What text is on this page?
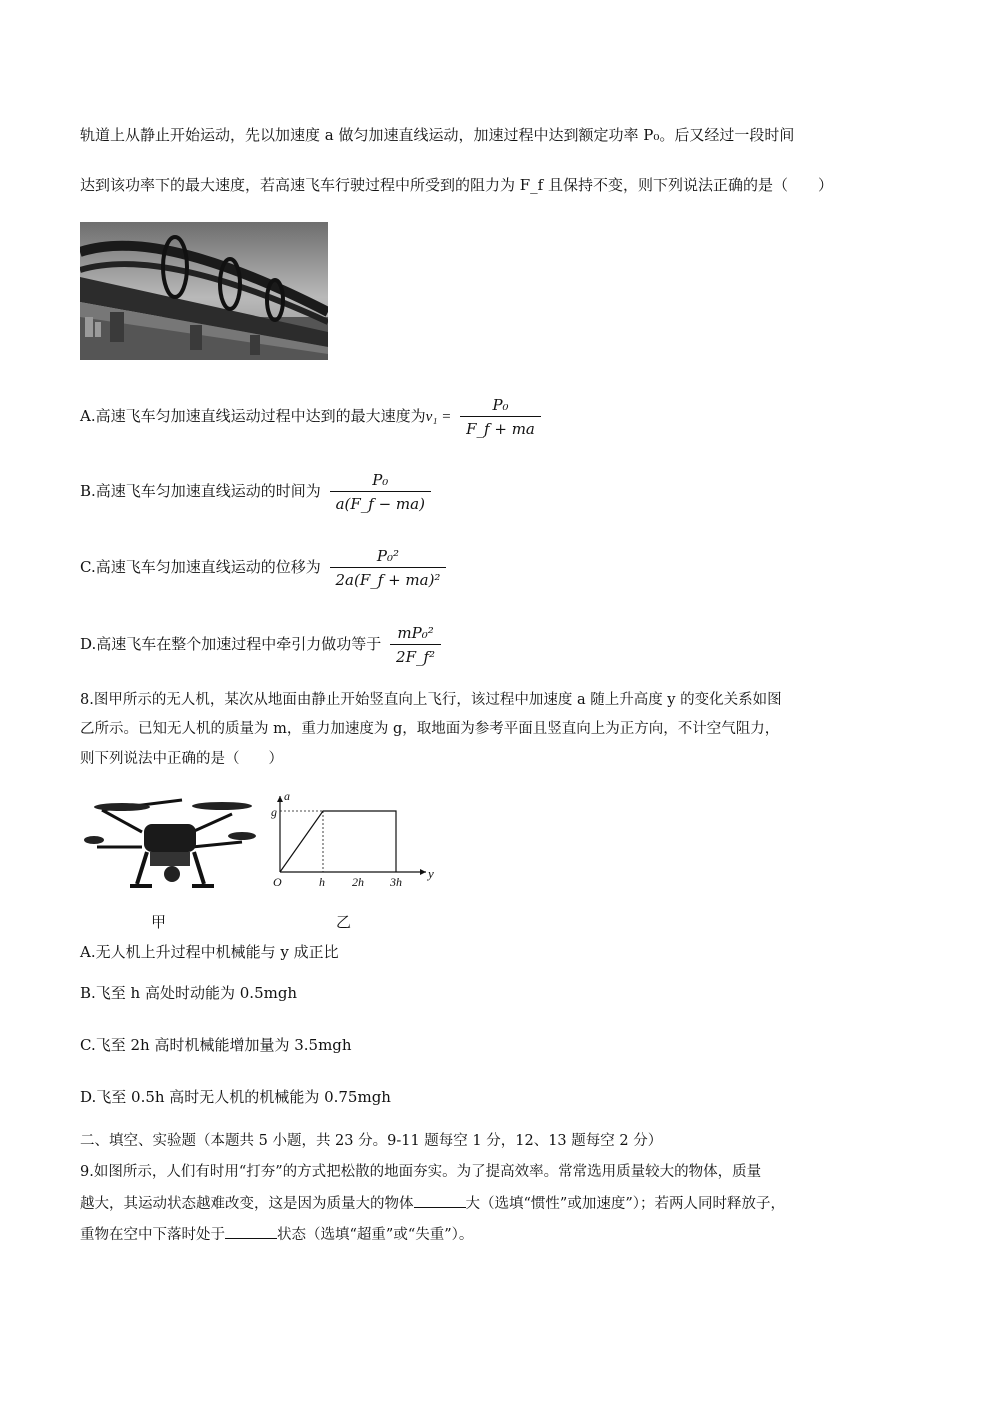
轨道上从静止开始运动，先以加速度 a 做匀加速直线运动，加速过程中达到额定功率 P₀。后又经过一段时间
达到该功率下的最大速度，若高速飞车行驶过程中所受到的阻力为 F_f 且保持不变，则下列说法正确的是（　　）
A.高速飞车匀加速直线运动过程中达到的最大速度为$v_1 = \frac{\text{P₀}}{F\_f + ma}$
B.高速飞车匀加速直线运动的时间为 $\frac{\text{P₀}}{a(F\_f - ma)}$
C.高速飞车匀加速直线运动的位移为 $\frac{\text{P₀²}}{\text{2a(F\_f + ma)²}}$
D.高速飞车在整个加速过程中牵引力做功等于 $\frac{\text{mP₀²}}{\text{2F\_f²}}$
8.图甲所示的无人机，某次从地面由静止开始竖直向上飞行，该过程中加速度 a 随上升高度 y 的变化关系如图
乙所示。已知无人机的质量为 m，重力加速度为 g，取地面为参考平面且竖直向上为正方向，不计空气阻力，
则下列说法中正确的是（　　）
a
g
O	h 2h 3h
y
甲	乙
A.无人机上升过程中机械能与 y 成正比
B.飞至 h 高处时动能为 0.5mgh
C.飞至 2h 高时机械能增加量为 3.5mgh
D.飞至 0.5h 高时无人机的机械能为 0.75mgh
二、填空、实验题（本题共 5 小题，共 23 分。9-11 题每空 1 分，12、13 题每空 2 分）
9.如图所示，人们有时用“打夯”的方式把松散的地面夯实。为了提高效率。常常选用质量较大的物体，质量
越大，其运动状态越难改变，这是因为质量大的物体	大（选填“惯性”或加速度”）；若两人同时释放子，
重物在空中下落时处于	状态（选填“超重”或“失重”）。
